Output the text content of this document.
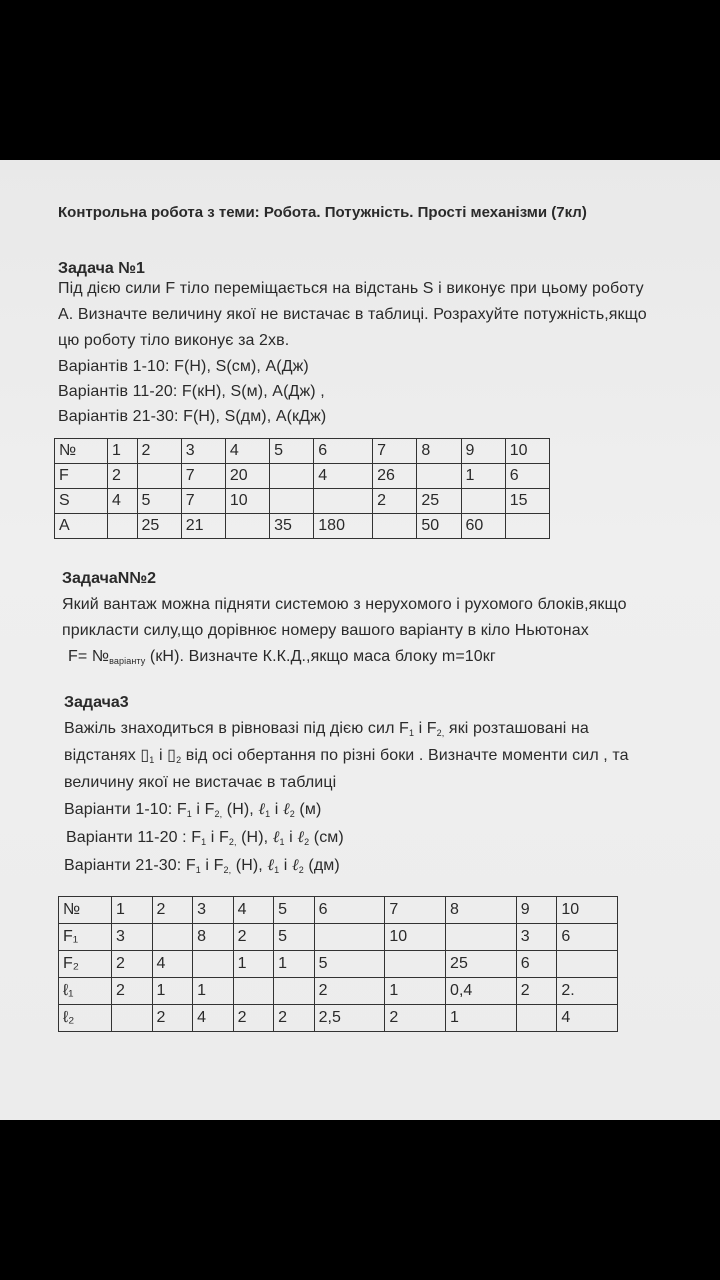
Контрольна робота з теми: Робота. Потужність. Прості механізми (7кл)
Задача №1
Під дією сили F тіло переміщається на відстань S і виконує при цьому роботу
А. Визначте величину якої не вистачає в таблиці. Розрахуйте потужність,якщо
цю роботу тіло виконує за 2хв.
Варіантів 1-10: F(Н), S(см), А(Дж)
Варіантів 11-20: F(кН), S(м), А(Дж) ,
Варіантів 21-30: F(Н), S(дм), А(кДж)
№	1	2	3	4	5	6	7	8	9	10
F	2		7	20		4	26		1	6
S	4	5	7	10			2	25		15
А		25	21		35	180		50	60	
ЗадачаN№2
Який вантаж можна підняти системою з нерухомого і рухомого блоків,якщо
прикласти силу,що дорівнює номеру вашого варіанту в кіло Ньютонах
F= №варіанту (кН). Визначте К.К.Д.,якщо маса блоку m=10кг
Задача3
Важіль знаходиться в рівновазі під дією сил F1 і F2, які розташовані на
відстанях ▯1 і ▯2 від осі обертання по різні боки . Визначте моменти сил , та
величину якої не вистачає в таблиці
Варіанти 1-10: F1 і F2, (Н), ℓ1 і ℓ2 (м)
Варіанти 11-20 : F1 і F2, (Н), ℓ1 і ℓ2 (см)
Варіанти 21-30: F1 і F2, (Н), ℓ1 і ℓ2 (дм)
№	1	2	3	4	5	6	7	8	9	10
F₁	3		8	2	5		10		3	6
F₂	2	4		1	1	5		25	6	
ℓ₁	2	1	1			2	1	0,4	2	2.
ℓ₂		2	4	2	2	2,5	2	1		4
